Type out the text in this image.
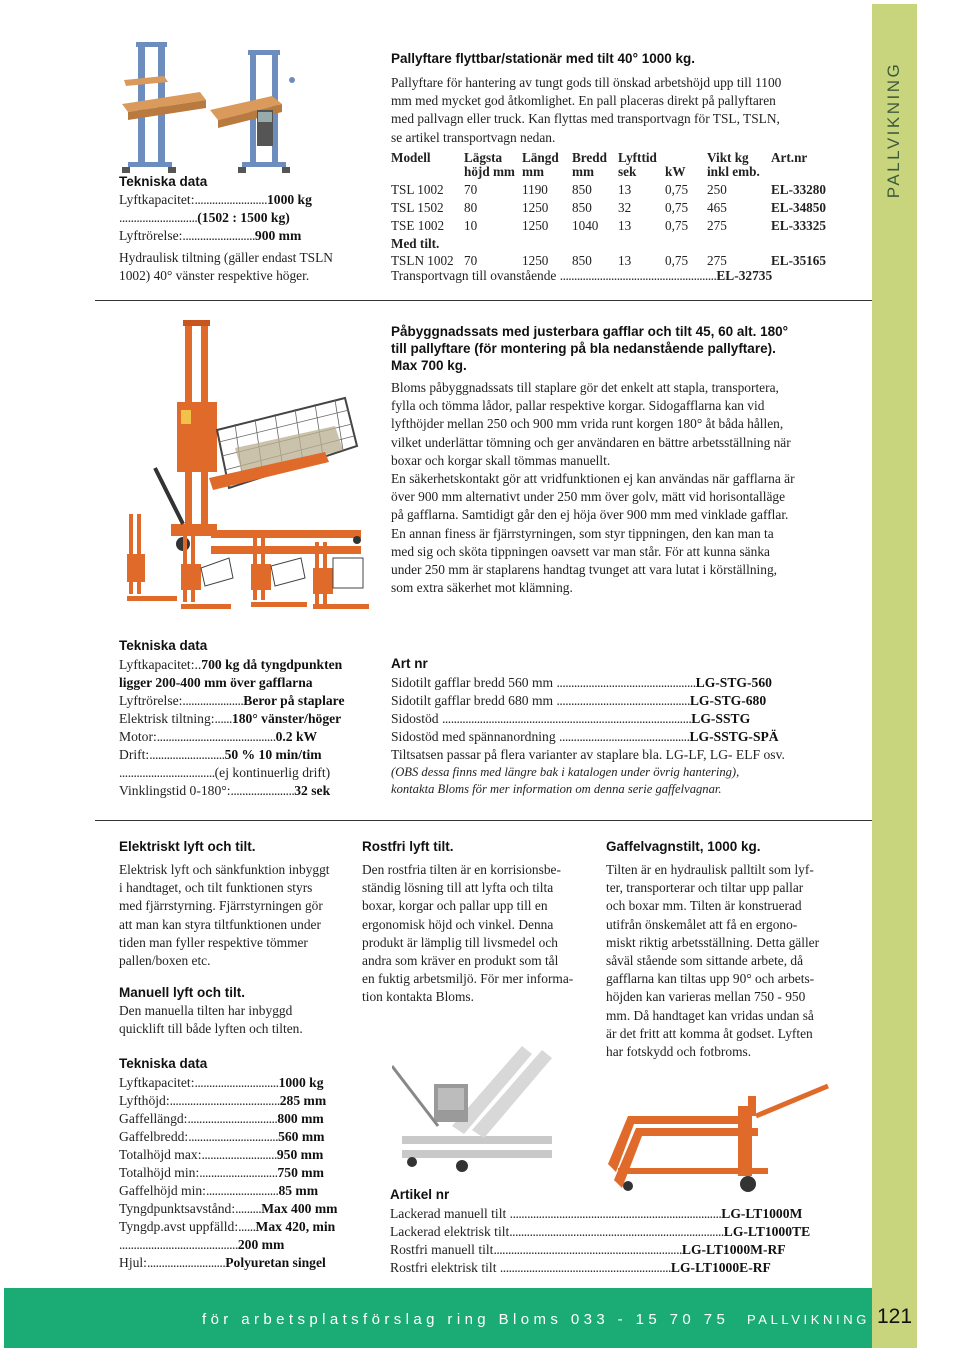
PALLVIKNING
Tekniska data
Lyftkapacitet:.........................1000 kg
...........................(1502 : 1500 kg)
Lyftrörelse:.........................900 mm
Hydraulisk tiltning (gäller endast TSLN
1002) 40° vänster respektive höger.
Pallyftare flyttbar/stationär med tilt 40° 1000 kg.
Pallyftare för hantering av tungt gods till önskad arbetshöjd upp till 1100
mm med mycket god åtkomlighet. En pall placeras direkt på pallyftaren
med pallvagn eller truck. Kan flyttas med transportvagn för TSL, TSLN,
se artikel transportvagn nedan.
Modell	Lägsta Längd Bredd Lyfttid	Vikt kg Art.nr
höjd mm mm mm sek kW inkl emb.
TSL 1002 70	1190 850 13	0,75 250	EL-33280
TSL 1502 80	1250 850 32	0,75 465	EL-34850
TSE 1002 10	1250 1040 13	0,75 275	EL-33325
Med tilt.
TSLN 1002 70	1250 850 13	0,75 275	EL-35165
Transportvagn till ovanstående .......................................................EL-32735
Påbyggnadssats med justerbara gafflar och tilt 45, 60 alt. 180°
till pallyftare (för montering på bla nedanstående pallyftare).
Max 700 kg.
Bloms påbyggnadssats till staplare gör det enkelt att stapla, transportera,
fylla och tömma lådor, pallar respektive korgar. Sidogafflarna kan vid
lyfthöjder mellan 250 och 900 mm vrida runt korgen 180° åt båda hållen,
vilket underlättar tömning och ger användaren en bättre arbetsställning när
boxar och korgar skall tömmas manuellt.
En säkerhetskontakt gör att vridfunktionen ej kan användas när gafflarna är
över 900 mm alternativt under 250 mm över golv, mätt vid horisontalläge
på gafflarna. Samtidigt går den ej höja över 900 mm med vinklade gafflar.
En annan finess är fjärrstyrningen, som styr tippningen, den kan man ta
med sig och sköta tippningen oavsett var man står. För att kunna sänka
under 250 mm är staplarens handtag tvunget att vara lutat i körställning,
som extra säkerhet mot klämning.
Tekniska data
Lyftkapacitet:..700 kg då tyngdpunkten
ligger 200-400 mm över gafflarna
Lyftrörelse:.....................Beror på staplare
Elektrisk tiltning:......180° vänster/höger
Motor:.........................................0.2 kW
Drift:..........................50 % 10 min/tim
.................................(ej kontinuerlig drift)
Vinklingstid 0-180°:......................32 sek
Art nr
Sidotilt gafflar bredd 560 mm ................................................LG-STG-560
Sidotilt gafflar bredd 680 mm ..............................................LG-STG-680
Sidostöd ......................................................................................LG-SSTG
Sidostöd med spännanordning .............................................LG-SSTG-SPÄ
Tiltsatsen passar på flera varianter av staplare bla. LG-LF, LG- ELF osv.
(OBS dessa finns med längre bak i katalogen under övrig hantering),
kontakta Bloms för mer information om denna serie gaffelvagnar.
Elektriskt lyft och tilt.
Elektrisk lyft och sänkfunktion inbyggt
i handtaget, och tilt funktionen styrs
med fjärrstyrning. Fjärrstyrningen gör
att man kan styra tiltfunktionen under
tiden man fyller respektive tömmer
pallen/boxen etc.
Manuell lyft och tilt.
Den manuella tilten har inbyggd
quicklift till både lyften och tilten.
Tekniska data
Lyftkapacitet:.............................1000 kg
Lyfthöjd:......................................285 mm
Gaffellängd:...............................800 mm
Gaffelbredd:...............................560 mm
Totalhöjd max:..........................950 mm
Totalhöjd min:...........................750 mm
Gaffelhöjd min:.........................85 mm
Tyngdpunktsavstånd:.........Max 400 mm
Tyngdp.avst uppfälld:......Max 420, min
.........................................200 mm
Hjul:...........................Polyuretan singel
Rostfri lyft tilt.
Den rostfria tilten är en korrisionsbe-
ständig lösning till att lyfta och tilta
boxar, korgar och pallar upp till en
ergonomisk höjd och vinkel. Denna
produkt är lämplig till livsmedel och
andra som kräver en produkt som tål
en fuktig arbetsmiljö. För mer informa-
tion kontakta Bloms.
Gaffelvagnstilt, 1000 kg.
Tilten är en hydraulisk palltilt som lyf-
ter, transporterar och tiltar upp pallar
och boxar mm. Tilten är konstruerad
utifrån önskemålet att få en ergono-
miskt riktig arbetsställning. Detta gäller
såväl stående som sittande arbete, då
gafflarna kan tiltas upp 90° och arbets-
höjden kan varieras mellan 750 - 950
mm. Då handtaget kan vridas undan så
är det fritt att komma åt godset. Lyften
har fotskydd och fotbroms.
Artikel nr
Lackerad manuell tilt .........................................................................LG-LT1000M
Lackerad elektrisk tilt..........................................................................LG-LT1000TE
Rostfri manuell tilt.................................................................LG-LT1000M-RF
Rostfri elektrisk tilt ...........................................................LG-LT1000E-RF
för arbetsplatsförslag ring Bloms 033 - 15 70 75 PALLVIKNING 121
